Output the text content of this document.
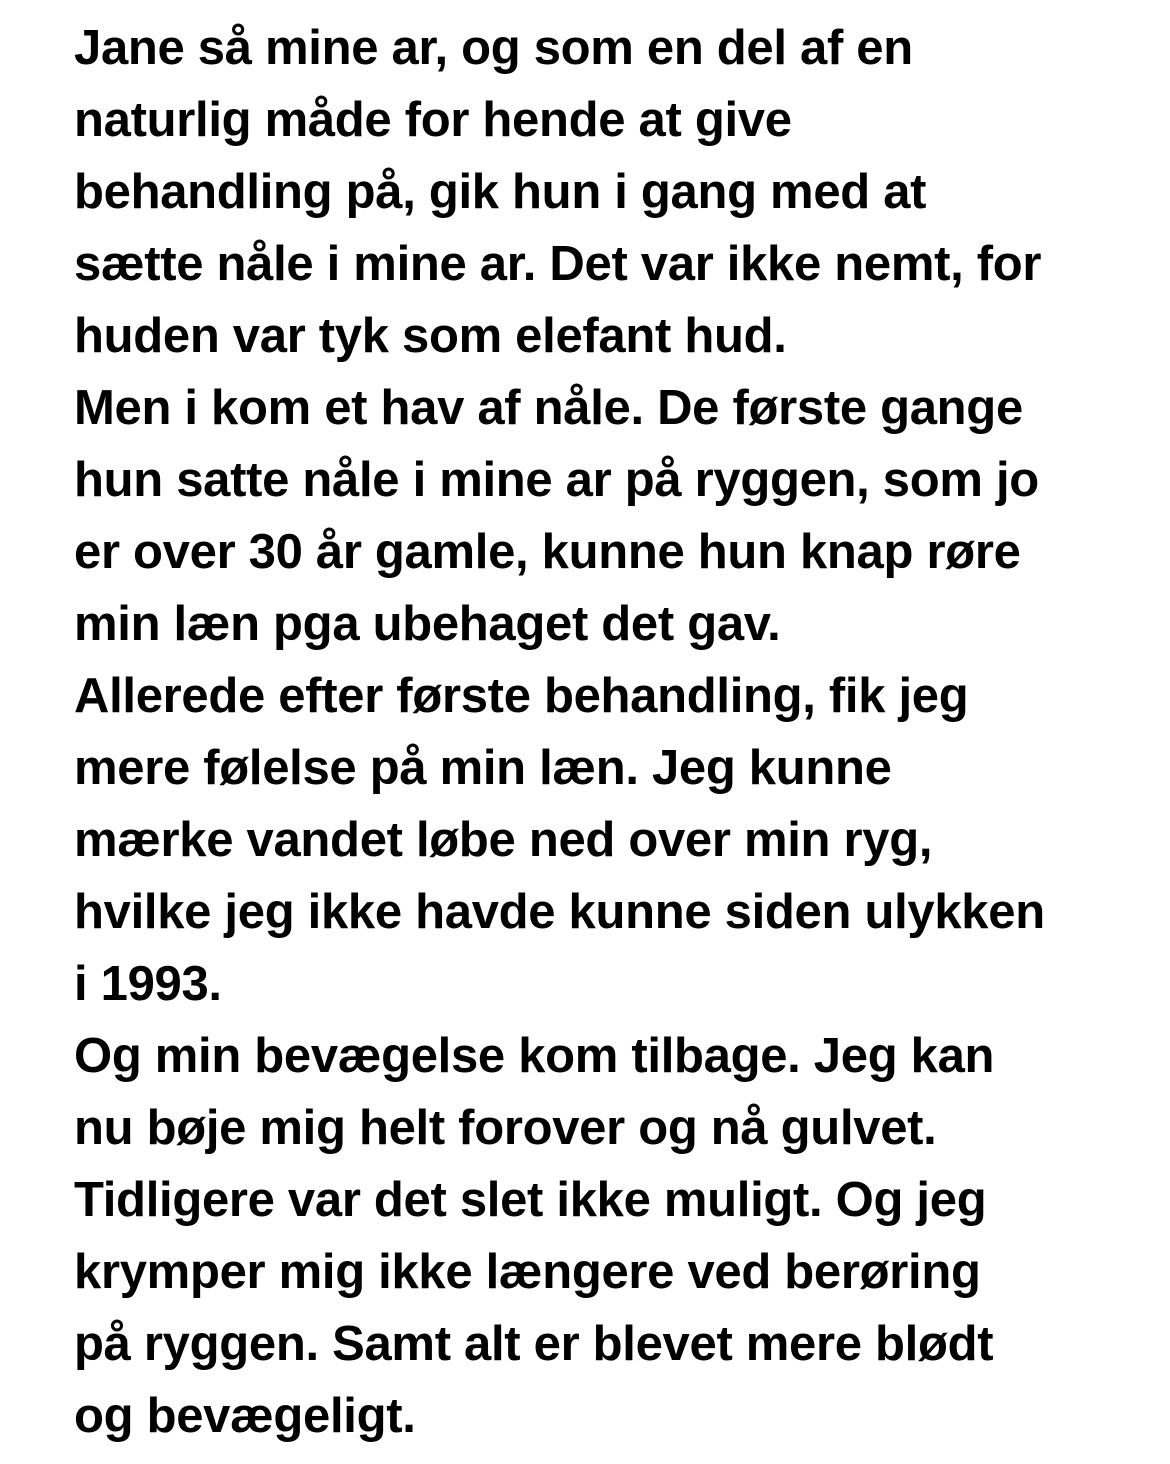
Jane så mine ar, og som en del af en
naturlig måde for hende at give
behandling på, gik hun i gang med at
sætte nåle i mine ar. Det var ikke nemt, for
huden var tyk som elefant hud.
Men i kom et hav af nåle. De første gange
hun satte nåle i mine ar på ryggen, som jo
er over 30 år gamle, kunne hun knap røre
min læn pga ubehaget det gav.
Allerede efter første behandling, fik jeg
mere følelse på min læn. Jeg kunne
mærke vandet løbe ned over min ryg,
hvilke jeg ikke havde kunne siden ulykken
i 1993.
Og min bevægelse kom tilbage. Jeg kan
nu bøje mig helt forover og nå gulvet.
Tidligere var det slet ikke muligt. Og jeg
krymper mig ikke længere ved berøring
på ryggen. Samt alt er blevet mere blødt
og bevægeligt.
